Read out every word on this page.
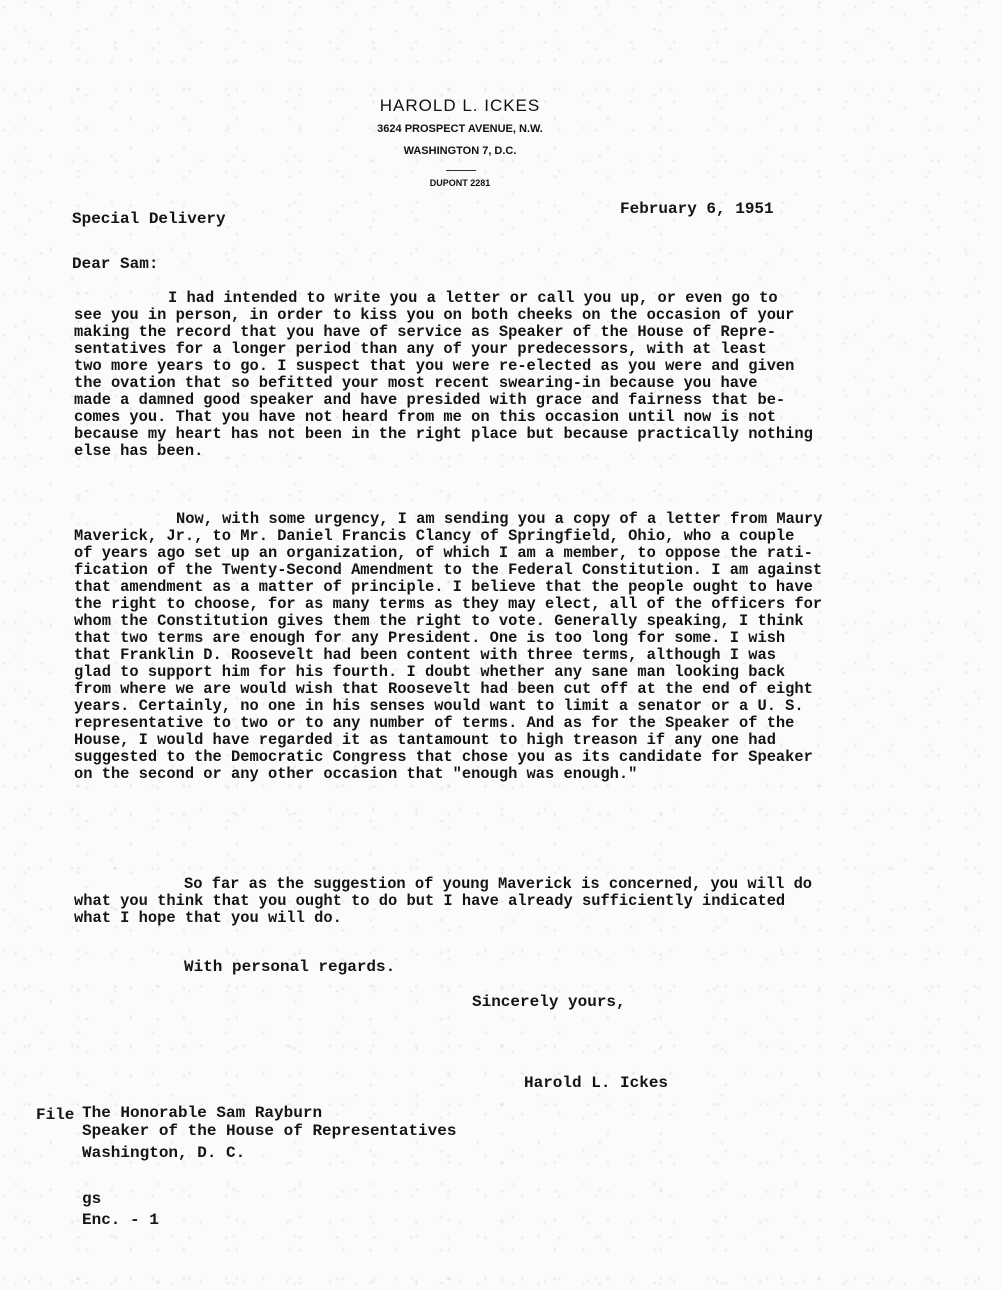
HAROLD L. ICKES
3624 PROSPECT AVENUE, N.W.
WASHINGTON 7, D.C.
DUPONT 2281
Special Delivery
February 6, 1951
Dear Sam:
I had intended to write you a letter or call you up, or even go to
see you in person, in order to kiss you on both cheeks on the occasion of your
making the record that you have of service as Speaker of the House of Repre-
sentatives for a longer period than any of your predecessors, with at least
two more years to go. I suspect that you were re-elected as you were and given
the ovation that so befitted your most recent swearing-in because you have
made a damned good speaker and have presided with grace and fairness that be-
comes you. That you have not heard from me on this occasion until now is not
because my heart has not been in the right place but because practically nothing
else has been.
Now, with some urgency, I am sending you a copy of a letter from Maury
Maverick, Jr., to Mr. Daniel Francis Clancy of Springfield, Ohio, who a couple
of years ago set up an organization, of which I am a member, to oppose the rati-
fication of the Twenty-Second Amendment to the Federal Constitution. I am against
that amendment as a matter of principle. I believe that the people ought to have
the right to choose, for as many terms as they may elect, all of the officers for
whom the Constitution gives them the right to vote. Generally speaking, I think
that two terms are enough for any President. One is too long for some. I wish
that Franklin D. Roosevelt had been content with three terms, although I was
glad to support him for his fourth. I doubt whether any sane man looking back
from where we are would wish that Roosevelt had been cut off at the end of eight
years. Certainly, no one in his senses would want to limit a senator or a U. S.
representative to two or to any number of terms. And as for the Speaker of the
House, I would have regarded it as tantamount to high treason if any one had
suggested to the Democratic Congress that chose you as its candidate for Speaker
on the second or any other occasion that "enough was enough."
So far as the suggestion of young Maverick is concerned, you will do
what you think that you ought to do but I have already sufficiently indicated
what I hope that you will do.
With personal regards.
Sincerely yours,
Harold L. Ickes
File The Honorable Sam Rayburn
Speaker of the House of Representatives
Washington, D. C.
gs
Enc. - 1
